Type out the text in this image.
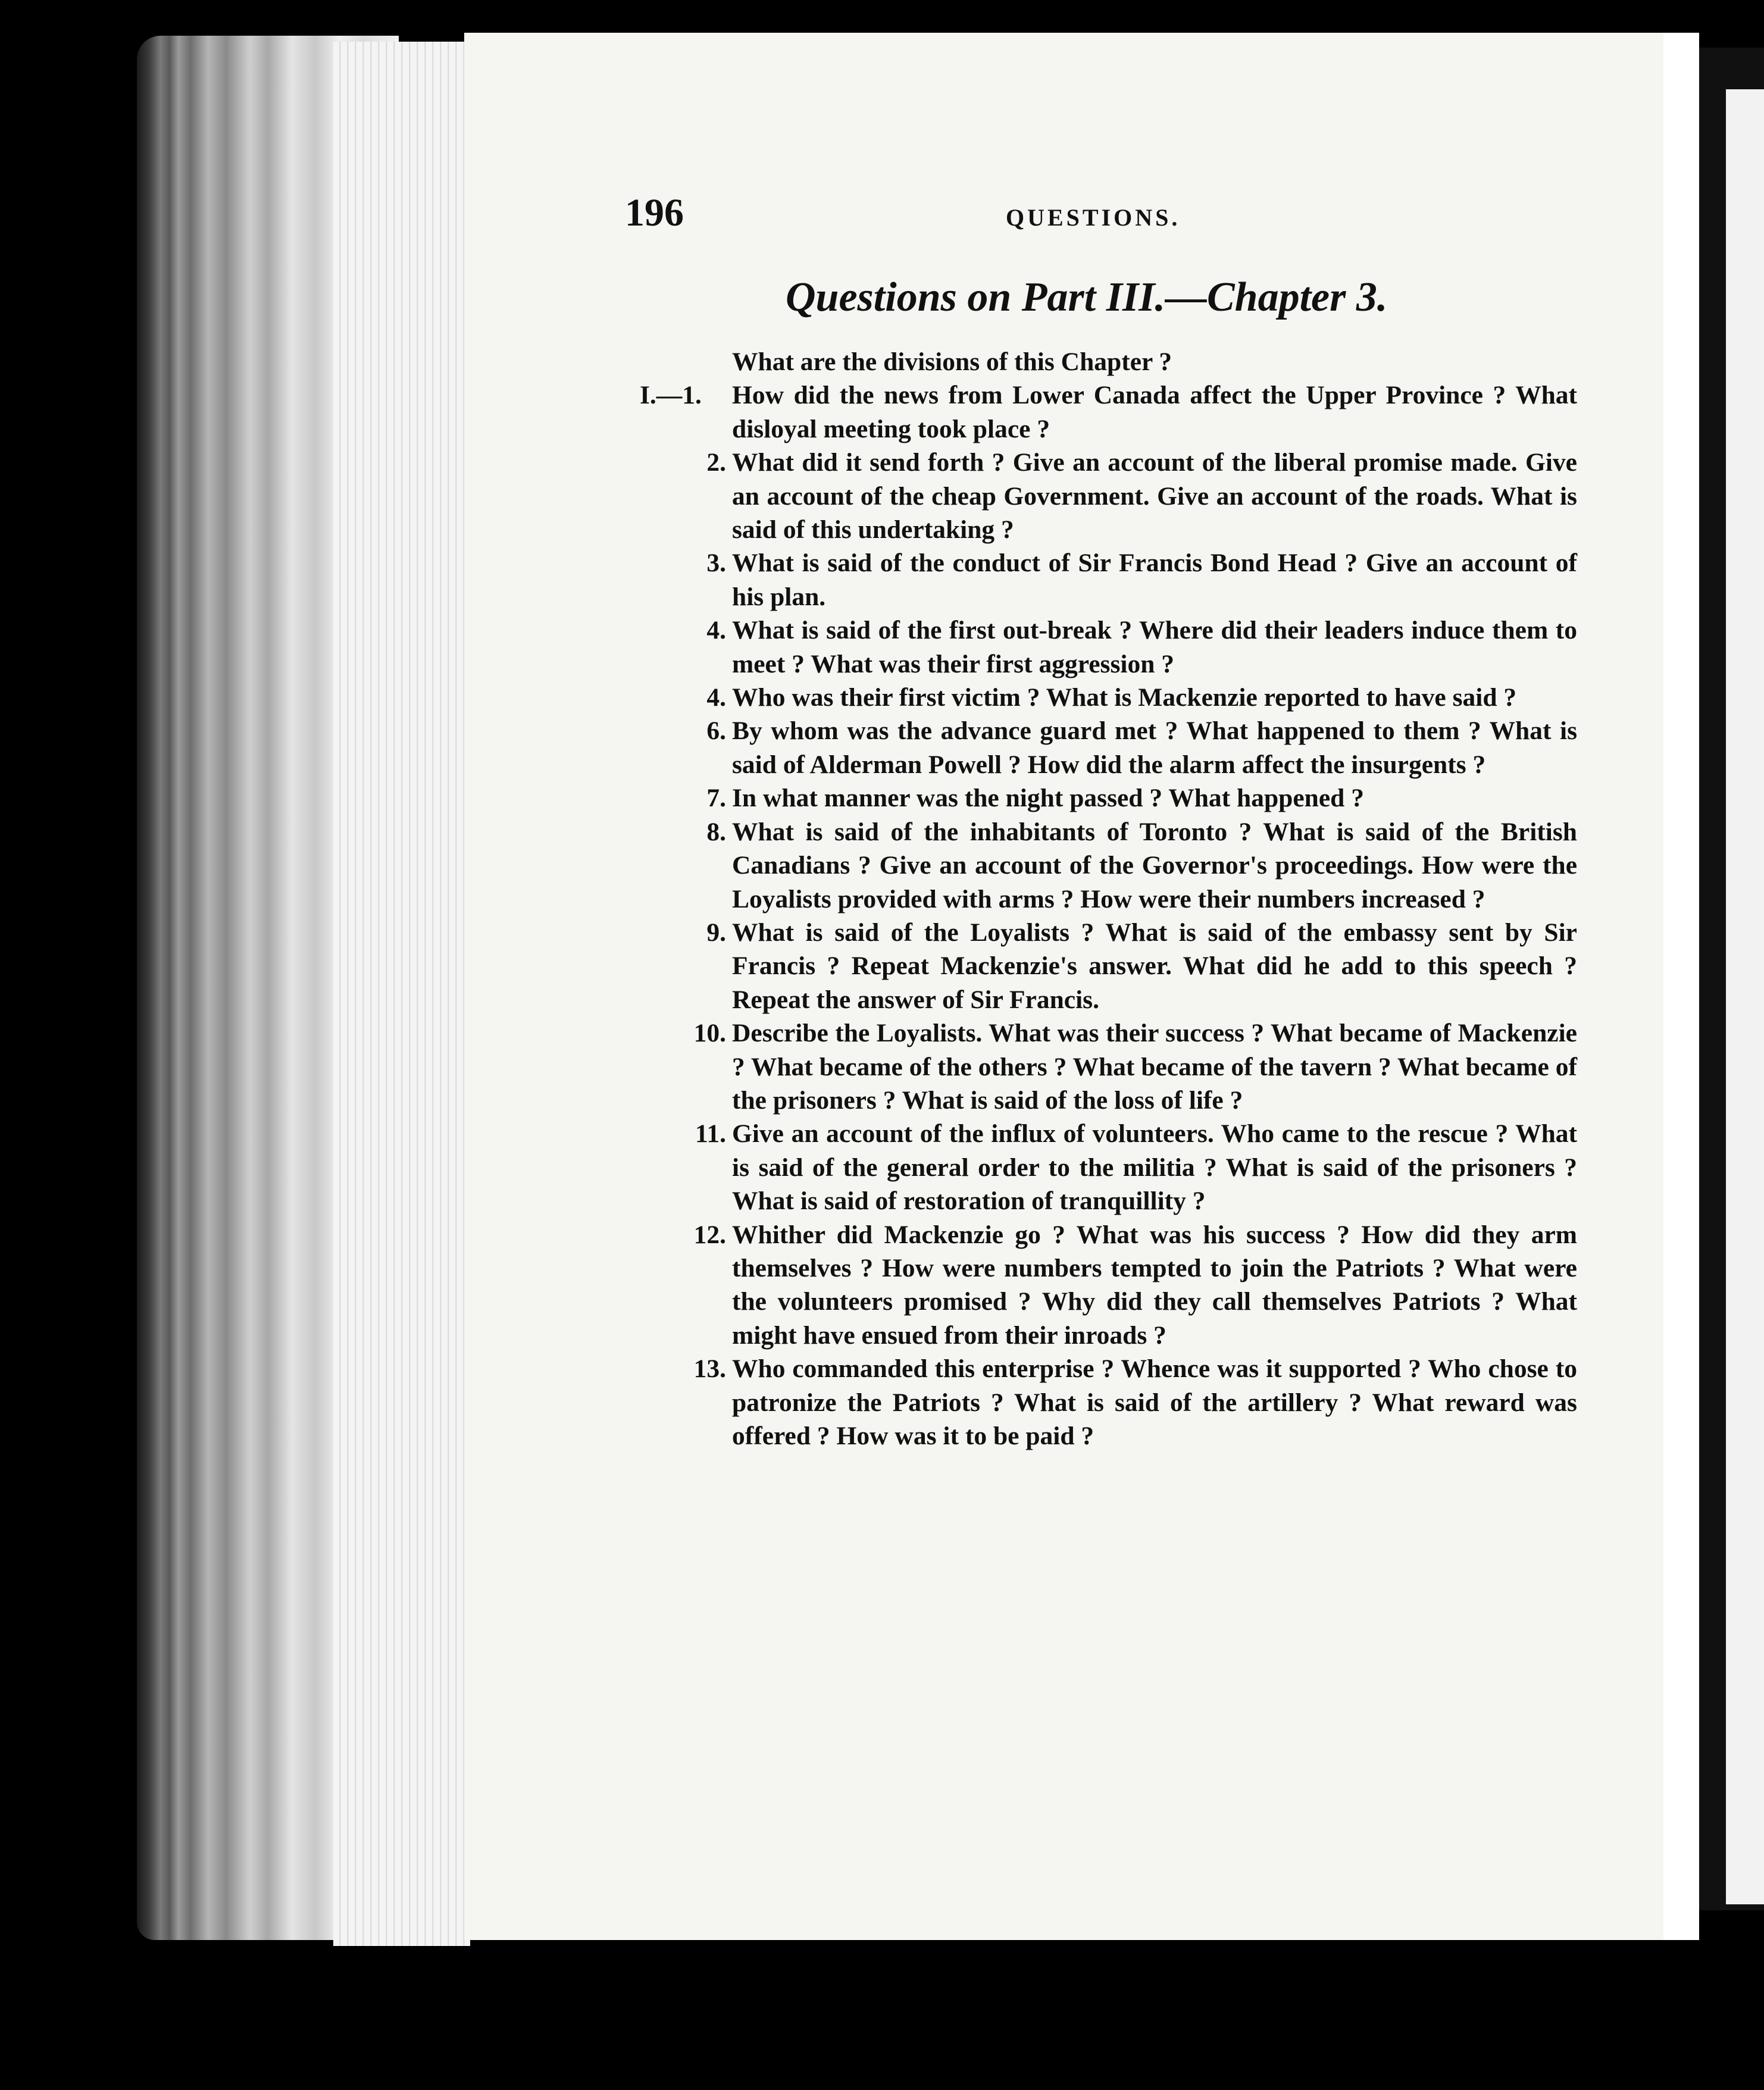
196	QUESTIONS.
Questions on Part III.—Chapter 3.
What are the divisions of this Chapter ?
I.—1. How did the news from Lower Canada affect the Upper Province ? What disloyal meeting took place ?
2. What did it send forth ? Give an account of the liberal promise made. Give an account of the cheap Government. Give an account of the roads. What is said of this undertaking ?
3. What is said of the conduct of Sir Francis Bond Head ? Give an account of his plan.
4. What is said of the first out-break ? Where did their leaders induce them to meet ? What was their first aggression ?
4. Who was their first victim ? What is Mackenzie reported to have said ?
6. By whom was the advance guard met ? What happened to them ? What is said of Alderman Powell ? How did the alarm affect the insurgents ?
7. In what manner was the night passed ? What happened ?
8. What is said of the inhabitants of Toronto ? What is said of the British Canadians ? Give an account of the Governor's proceedings. How were the Loyalists provided with arms ? How were their numbers increased ?
9. What is said of the Loyalists ? What is said of the embassy sent by Sir Francis ? Repeat Mackenzie's answer. What did he add to this speech ? Repeat the answer of Sir Francis.
10. Describe the Loyalists. What was their success ? What became of Mackenzie ? What became of the others ? What became of the tavern ? What became of the prisoners ? What is said of the loss of life ?
11. Give an account of the influx of volunteers. Who came to the rescue ? What is said of the general order to the militia ? What is said of the prisoners ? What is said of restoration of tranquillity ?
12. Whither did Mackenzie go ? What was his success ? How did they arm themselves ? How were numbers tempted to join the Patriots ? What were the volunteers promised ? Why did they call themselves Patriots ? What might have ensued from their inroads ?
13. Who commanded this enterprise ? Whence was it supported ? Who chose to patronize the Patriots ? What is said of the artillery ? What reward was offered ? How was it to be paid ?
